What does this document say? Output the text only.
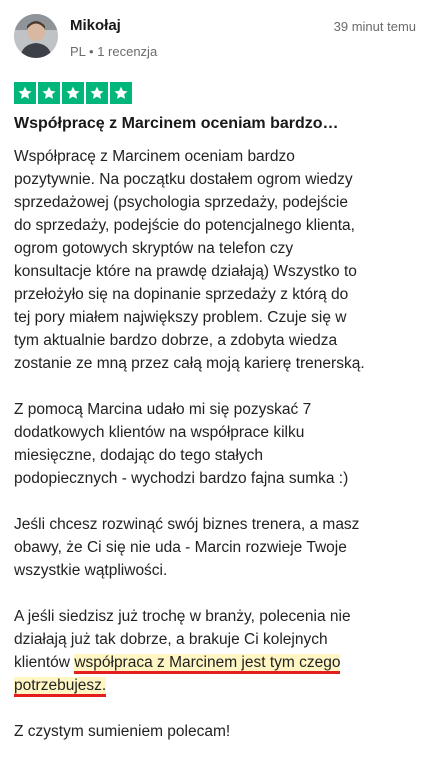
Mikołaj
PL • 1 recenzja
39 minut temu
Współpracę z Marcinem oceniam bardzo…

Współpracę z Marcinem oceniam bardzo
pozytywnie. Na początku dostałem ogrom wiedzy
sprzedażowej (psychologia sprzedaży, podejście
do sprzedaży, podejście do potencjalnego klienta,
ogrom gotowych skryptów na telefon czy
konsultacje które na prawdę działają) Wszystko to
przełożyło się na dopinanie sprzedaży z którą do
tej pory miałem największy problem. Czuje się w
tym aktualnie bardzo dobrze, a zdobyta wiedza
zostanie ze mną przez całą moją karierę trenerską.

Z pomocą Marcina udało mi się pozyskać 7
dodatkowych klientów na współprace kilku
miesięczne, dodając do tego stałych
podopiecznych - wychodzi bardzo fajna sumka :)

Jeśli chcesz rozwinąć swój biznes trenera, a masz
obawy, że Ci się nie uda - Marcin rozwieje Twoje
wszystkie wątpliwości.

A jeśli siedzisz już trochę w branży, polecenia nie
działają już tak dobrze, a brakuje Ci kolejnych
klientów współpraca z Marcinem jest tym czego
potrzebujesz.

Z czystym sumieniem polecam!
